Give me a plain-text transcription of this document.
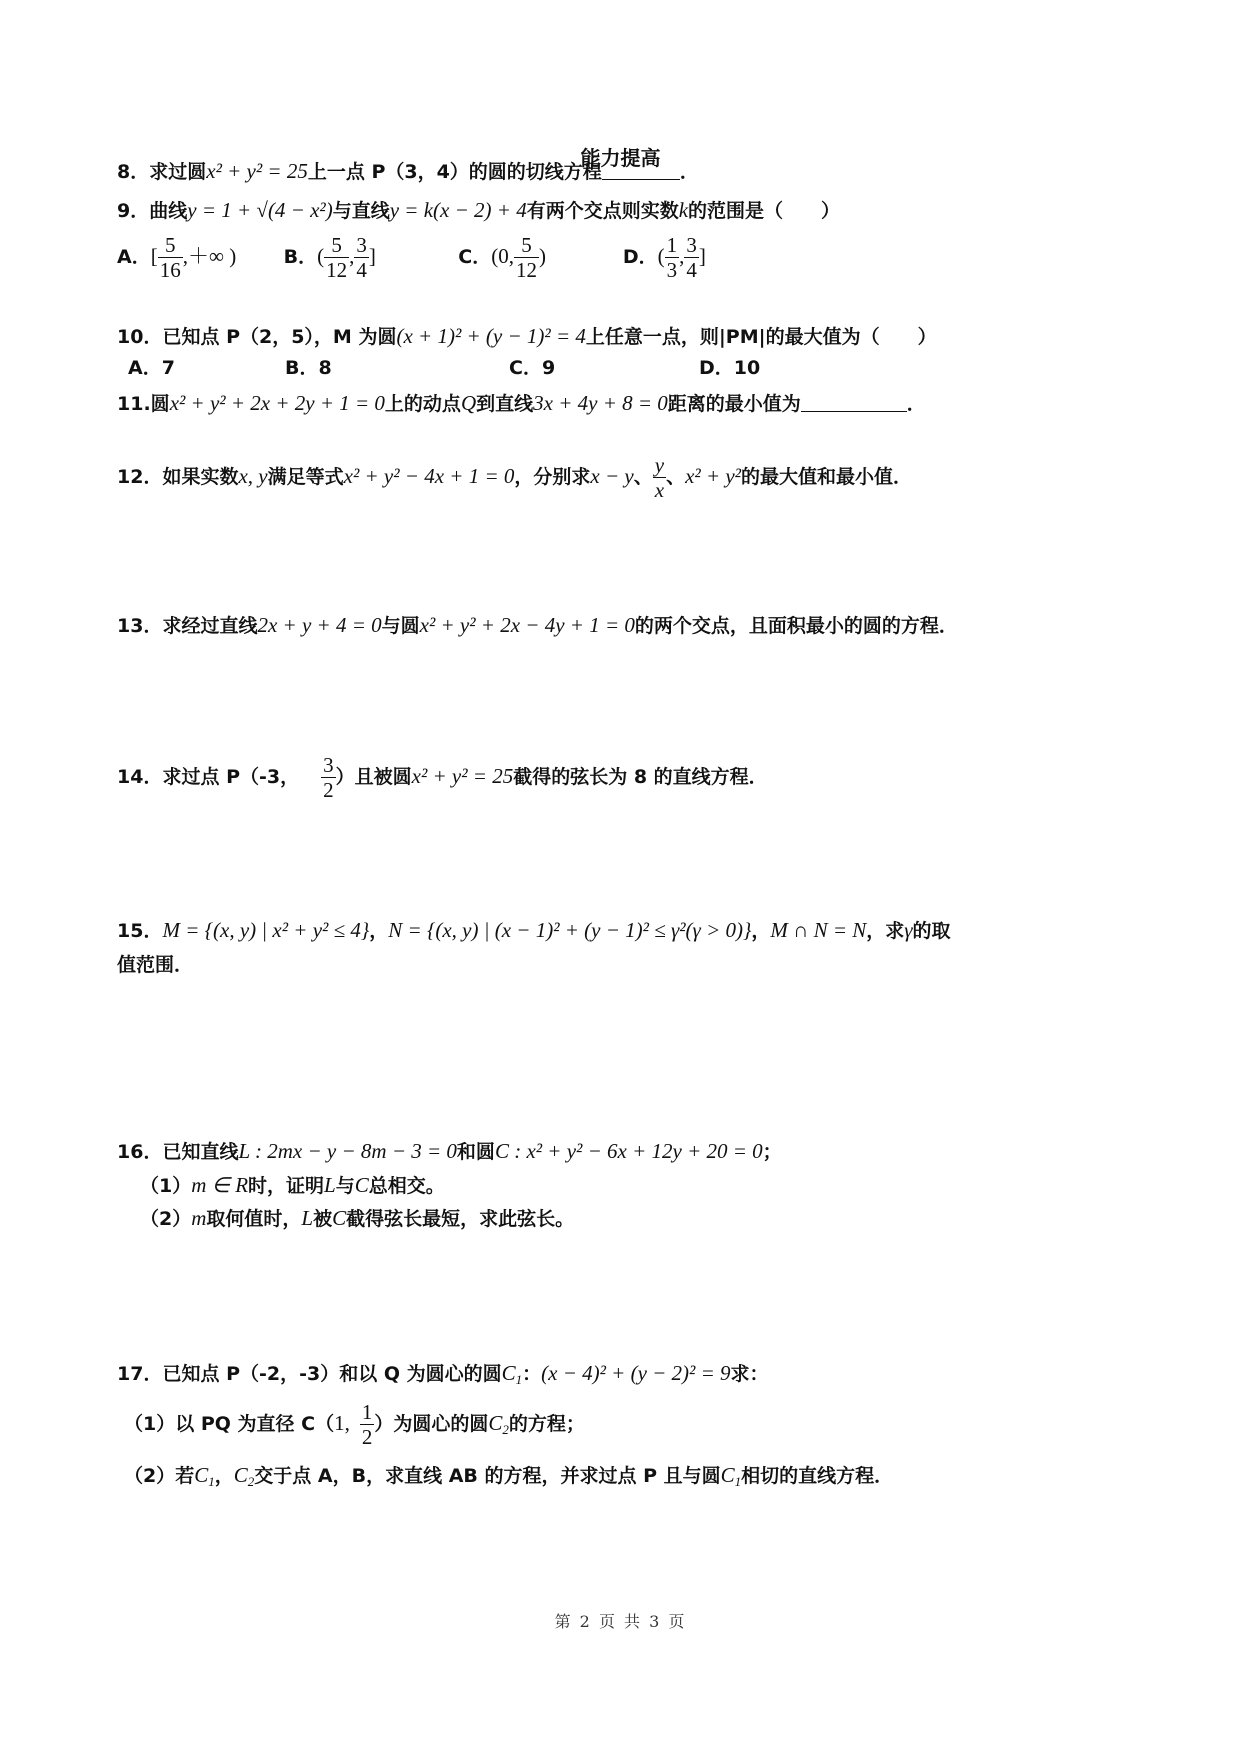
能力提高
8．求过圆x² + y² = 25上一点 P（3，4）的圆的切线方程	．
9．曲线y = 1 + √(4 − x²)与直线y = k(x − 2) + 4有两个交点则实数k的范围是（　　）
A．[ $\frac{5}{16}$ ,＋∞ ) B．( $\frac{5}{12}$ , $\frac{3}{4}$ ]	C．(0, $\frac{5}{12}$ )	D．( $\frac{1}{3}$ , $\frac{3}{4}$ ]
10．已知点 P（2，5），M 为圆(x + 1)² + (y − 1)² = 4上任意一点，则|PM|的最大值为（　　）
A．7	B．8	C．9	D．10
11.圆x² + y² + 2x + 2y + 1 = 0上的动点Q到直线3x + 4y + 8 = 0距离的最小值为	．
12．如果实数x, y满足等式x² + y² − 4x + 1 = 0，分别求x − y、 $\frac{y}{x}$ 、x² + y²的最大值和最小值．
13．求经过直线2x + y + 4 = 0与圆x² + y² + 2x − 4y + 1 = 0的两个交点，且面积最小的圆的方程．
14．求过点 P（-3， $\frac{3}{2}$ ）且被圆x² + y² = 25截得的弦长为 8 的直线方程．
15．M = {(x, y) | x² + y² ≤ 4}，N = {(x, y) | (x − 1)² + (y − 1)² ≤ γ²(γ > 0)}，M ∩ N = N，求γ的取
值范围．
16．已知直线L : 2mx − y − 8m − 3 = 0和圆C : x² + y² − 6x + 12y + 20 = 0；
（1）m ∈ R时，证明L与C总相交。
（2）m取何值时，L被C截得弦长最短，求此弦长。
17．已知点 P（-2，-3）和以 Q 为圆心的圆$C_1$：(x − 4)² + (y − 2)² = 9求：
（1）以 PQ 为直径 C（1, $\frac{1}{2}$ ）为圆心的圆$C_2$的方程；
（2）若$C_1$，$C_2$交于点 A，B，求直线 AB 的方程，并求过点 P 且与圆$C_1$相切的直线方程．
第 2 页 共 3 页
